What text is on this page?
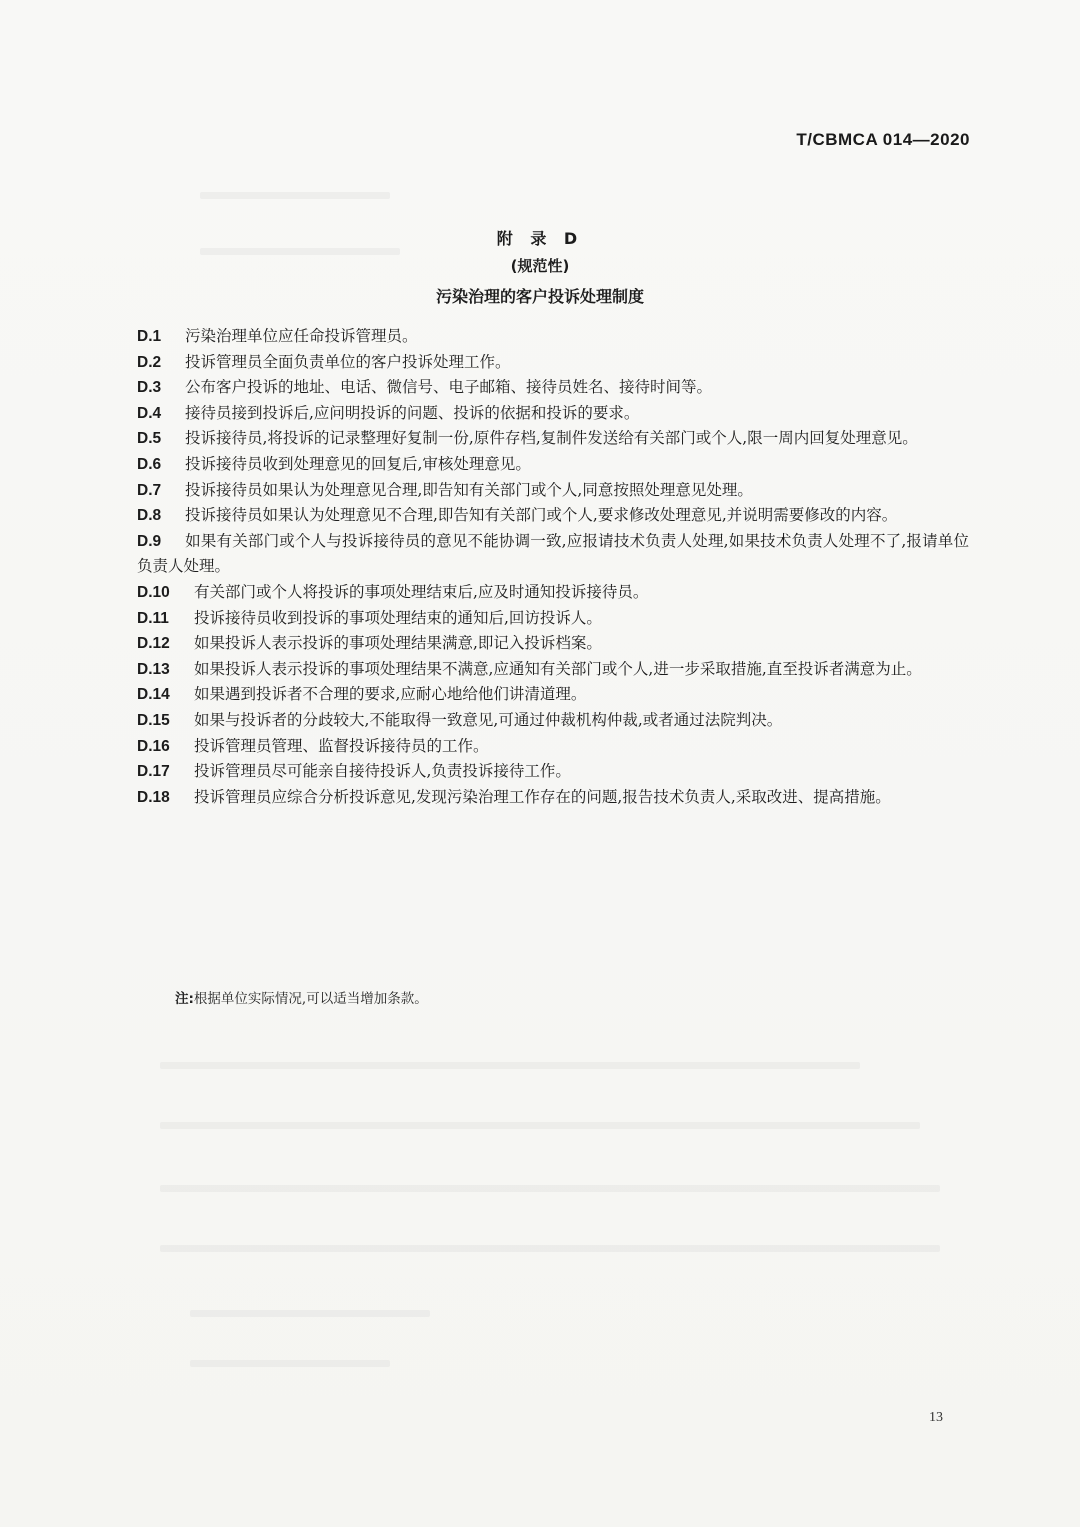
T/CBMCA 014—2020
附 录 D
(规范性)
污染治理的客户投诉处理制度

D.1 污染治理单位应任命投诉管理员。

D.2 投诉管理员全面负责单位的客户投诉处理工作。

D.3 公布客户投诉的地址、电话、微信号、电子邮箱、接待员姓名、接待时间等。

D.4 接待员接到投诉后,应问明投诉的问题、投诉的依据和投诉的要求。

D.5 投诉接待员,将投诉的记录整理好复制一份,原件存档,复制件发送给有关部门或个人,限一周内回复处理意见。

D.6 投诉接待员收到处理意见的回复后,审核处理意见。

D.7 投诉接待员如果认为处理意见合理,即告知有关部门或个人,同意按照处理意见处理。

D.8 投诉接待员如果认为处理意见不合理,即告知有关部门或个人,要求修改处理意见,并说明需要修改的内容。

D.9 如果有关部门或个人与投诉接待员的意见不能协调一致,应报请技术负责人处理,如果技术负责人处理不了,报请单位负责人处理。

D.10 有关部门或个人将投诉的事项处理结束后,应及时通知投诉接待员。

D.11 投诉接待员收到投诉的事项处理结束的通知后,回访投诉人。

D.12 如果投诉人表示投诉的事项处理结果满意,即记入投诉档案。

D.13 如果投诉人表示投诉的事项处理结果不满意,应通知有关部门或个人,进一步采取措施,直至投诉者满意为止。

D.14 如果遇到投诉者不合理的要求,应耐心地给他们讲清道理。

D.15 如果与投诉者的分歧较大,不能取得一致意见,可通过仲裁机构仲裁,或者通过法院判决。

D.16 投诉管理员管理、监督投诉接待员的工作。

D.17 投诉管理员尽可能亲自接待投诉人,负责投诉接待工作。

D.18 投诉管理员应综合分析投诉意见,发现污染治理工作存在的问题,报告技术负责人,采取改进、提高措施。

注:根据单位实际情况,可以适当增加条款。
13
